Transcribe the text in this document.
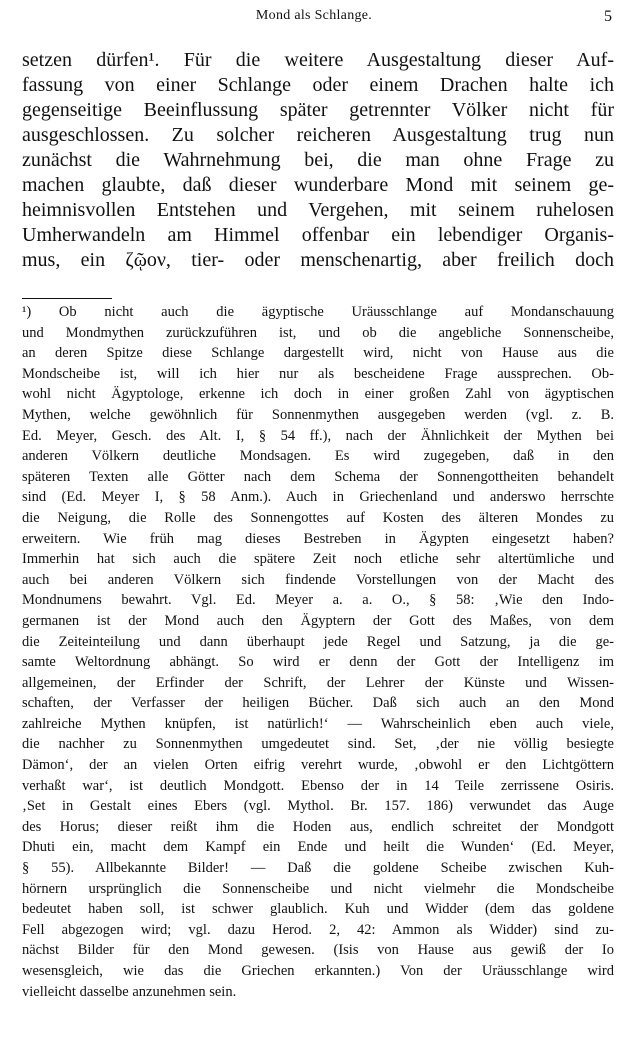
Mond als Schlange.	5
setzen dürfen¹. Für die weitere Ausgestaltung dieser Auf-
fassung von einer Schlange oder einem Drachen halte ich
gegenseitige Beeinflussung später getrennter Völker nicht für
ausgeschlossen. Zu solcher reicheren Ausgestaltung trug nun
zunächst die Wahrnehmung bei, die man ohne Frage zu
machen glaubte, daß dieser wunderbare Mond mit seinem ge-
heimnisvollen Entstehen und Vergehen, mit seinem ruhelosen
Umherwandeln am Himmel offenbar ein lebendiger Organis-
mus, ein ζῷον, tier- oder menschenartig, aber freilich doch
¹) Ob nicht auch die ägyptische Uräusschlange auf Mondanschauung
und Mondmythen zurückzuführen ist, und ob die angebliche Sonnenscheibe,
an deren Spitze diese Schlange dargestellt wird, nicht von Hause aus die
Mondscheibe ist, will ich hier nur als bescheidene Frage aussprechen. Ob-
wohl nicht Ägyptologe, erkenne ich doch in einer großen Zahl von ägyptischen
Mythen, welche gewöhnlich für Sonnenmythen ausgegeben werden (vgl. z. B.
Ed. Meyer, Gesch. des Alt. I, § 54 ff.), nach der Ähnlichkeit der Mythen bei
anderen Völkern deutliche Mondsagen. Es wird zugegeben, daß in den
späteren Texten alle Götter nach dem Schema der Sonnengottheiten behandelt
sind (Ed. Meyer I, § 58 Anm.). Auch in Griechenland und anderswo herrschte
die Neigung, die Rolle des Sonnengottes auf Kosten des älteren Mondes zu
erweitern. Wie früh mag dieses Bestreben in Ägypten eingesetzt haben?
Immerhin hat sich auch die spätere Zeit noch etliche sehr altertümliche und
auch bei anderen Völkern sich findende Vorstellungen von der Macht des
Mondnumens bewahrt. Vgl. Ed. Meyer a. a. O., § 58: ‚Wie den Indo-
germanen ist der Mond auch den Ägyptern der Gott des Maßes, von dem
die Zeiteinteilung und dann überhaupt jede Regel und Satzung, ja die ge-
samte Weltordnung abhängt. So wird er denn der Gott der Intelligenz im
allgemeinen, der Erfinder der Schrift, der Lehrer der Künste und Wissen-
schaften, der Verfasser der heiligen Bücher. Daß sich auch an den Mond
zahlreiche Mythen knüpfen, ist natürlich!‘ — Wahrscheinlich eben auch viele,
die nachher zu Sonnenmythen umgedeutet sind. Set, ‚der nie völlig besiegte
Dämon‘, der an vielen Orten eifrig verehrt wurde, ‚obwohl er den Lichtgöttern
verhaßt war‘, ist deutlich Mondgott. Ebenso der in 14 Teile zerrissene Osiris.
‚Set in Gestalt eines Ebers (vgl. Mythol. Br. 157. 186) verwundet das Auge
des Horus; dieser reißt ihm die Hoden aus, endlich schreitet der Mondgott
Dhuti ein, macht dem Kampf ein Ende und heilt die Wunden‘ (Ed. Meyer,
§ 55). Allbekannte Bilder! — Daß die goldene Scheibe zwischen Kuh-
hörnern ursprünglich die Sonnenscheibe und nicht vielmehr die Mondscheibe
bedeutet haben soll, ist schwer glaublich. Kuh und Widder (dem das goldene
Fell abgezogen wird; vgl. dazu Herod. 2, 42: Ammon als Widder) sind zu-
nächst Bilder für den Mond gewesen. (Isis von Hause aus gewiß der Io
wesensgleich, wie das die Griechen erkannten.) Von der Uräusschlange wird
vielleicht dasselbe anzunehmen sein.
